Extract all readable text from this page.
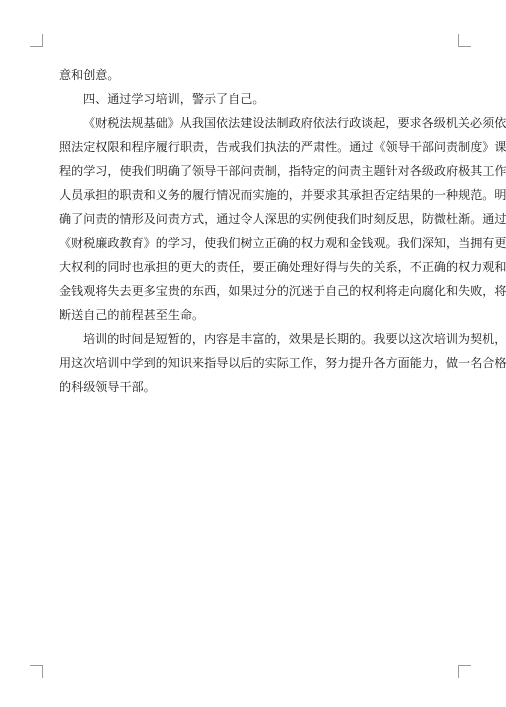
意和创意。
四、通过学习培训，警示了自己。
《财税法规基础》从我国依法建设法制政府依法行政谈起，要求各级机关必须依
照法定权限和程序履行职责，告戒我们执法的严肃性。通过《领导干部问责制度》课
程的学习，使我们明确了领导干部问责制，指特定的问责主题针对各级政府极其工作
人员承担的职责和义务的履行情况而实施的，并要求其承担否定结果的一种规范。明
确了问责的情形及问责方式，通过令人深思的实例使我们时刻反思，防微杜渐。通过
《财税廉政教育》的学习，使我们树立正确的权力观和金钱观。我们深知，当拥有更
大权利的同时也承担的更大的责任，要正确处理好得与失的关系，不正确的权力观和
金钱观将失去更多宝贵的东西，如果过分的沉迷于自己的权利将走向腐化和失败，将
断送自己的前程甚至生命。
培训的时间是短暂的，内容是丰富的，效果是长期的。我要以这次培训为契机，
用这次培训中学到的知识来指导以后的实际工作，努力提升各方面能力，做一名合格
的科级领导干部。
